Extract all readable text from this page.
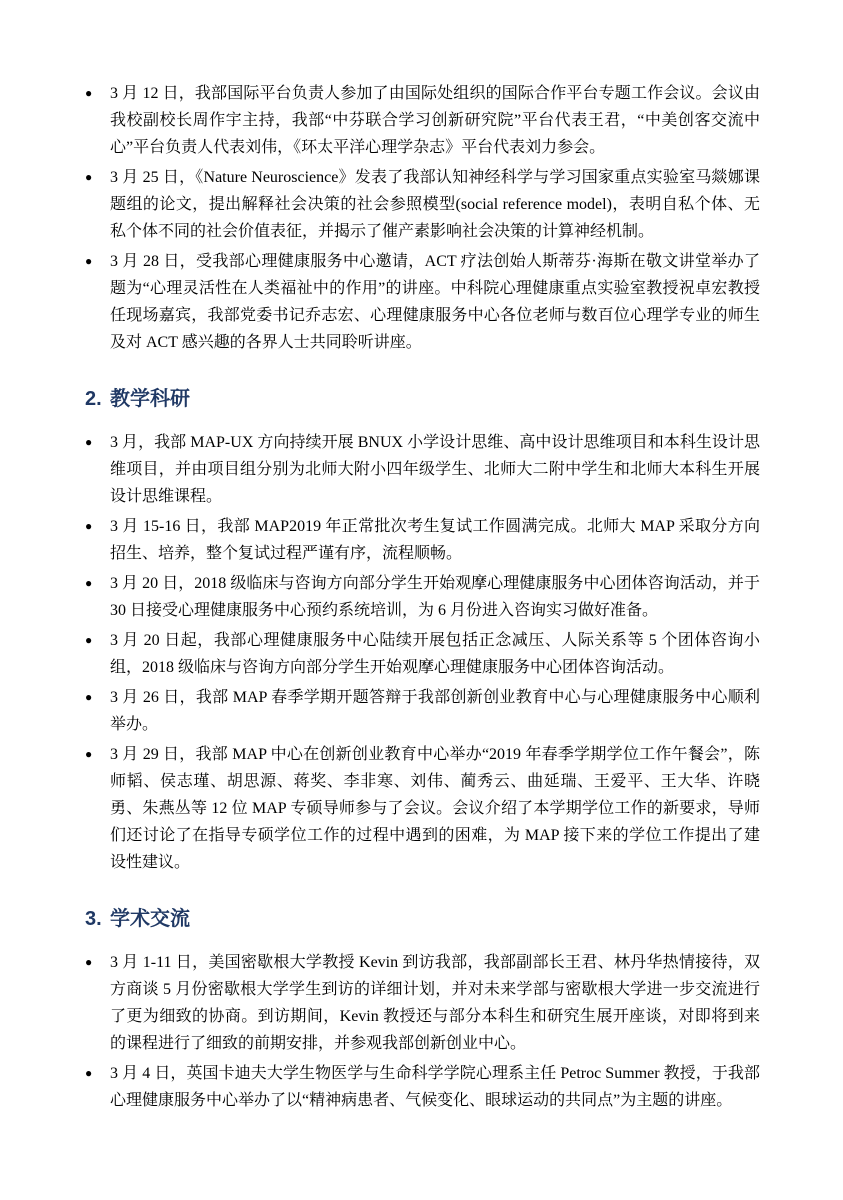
●	3 月 12 日，我部国际平台负责人参加了由国际处组织的国际合作平台专题工作会议。会议由我校副校长周作宇主持，我部“中芬联合学习创新研究院”平台代表王君，“中美创客交流中心”平台负责人代表刘伟，《环太平洋心理学杂志》平台代表刘力参会。
●	3 月 25 日，《Nature Neuroscience》发表了我部认知神经科学与学习国家重点实验室马燚娜课题组的论文，提出解释社会决策的社会参照模型(social reference model)，表明自私个体、无私个体不同的社会价值表征，并揭示了催产素影响社会决策的计算神经机制。
●	3 月 28 日，受我部心理健康服务中心邀请，ACT 疗法创始人斯蒂芬·海斯在敬文讲堂举办了题为“心理灵活性在人类福祉中的作用”的讲座。中科院心理健康重点实验室教授祝卓宏教授任现场嘉宾，我部党委书记乔志宏、心理健康服务中心各位老师与数百位心理学专业的师生及对 ACT 感兴趣的各界人士共同聆听讲座。
2. 教学科研
●	3 月，我部 MAP-UX 方向持续开展 BNUX 小学设计思维、高中设计思维项目和本科生设计思维项目，并由项目组分别为北师大附小四年级学生、北师大二附中学生和北师大本科生开展设计思维课程。
●	3 月 15-16 日，我部 MAP2019 年正常批次考生复试工作圆满完成。北师大 MAP 采取分方向招生、培养，整个复试过程严谨有序，流程顺畅。
●	3 月 20 日，2018 级临床与咨询方向部分学生开始观摩心理健康服务中心团体咨询活动，并于 30 日接受心理健康服务中心预约系统培训，为 6 月份进入咨询实习做好准备。
●	3 月 20 日起，我部心理健康服务中心陆续开展包括正念减压、人际关系等 5 个团体咨询小组，2018 级临床与咨询方向部分学生开始观摩心理健康服务中心团体咨询活动。
●	3 月 26 日，我部 MAP 春季学期开题答辩于我部创新创业教育中心与心理健康服务中心顺利举办。
●	3 月 29 日，我部 MAP 中心在创新创业教育中心举办“2019 年春季学期学位工作午餐会”，陈师韬、侯志瑾、胡思源、蒋奖、李非寒、刘伟、蔺秀云、曲延瑞、王爱平、王大华、许晓勇、朱燕丛等 12 位 MAP 专硕导师参与了会议。会议介绍了本学期学位工作的新要求，导师们还讨论了在指导专硕学位工作的过程中遇到的困难，为 MAP 接下来的学位工作提出了建设性建议。
3. 学术交流
●	3 月 1-11 日，美国密歇根大学教授 Kevin 到访我部，我部副部长王君、林丹华热情接待，双方商谈 5 月份密歇根大学学生到访的详细计划，并对未来学部与密歇根大学进一步交流进行了更为细致的协商。到访期间，Kevin 教授还与部分本科生和研究生展开座谈，对即将到来的课程进行了细致的前期安排，并参观我部创新创业中心。
●	3 月 4 日，英国卡迪夫大学生物医学与生命科学学院心理系主任 Petroc Summer 教授，于我部心理健康服务中心举办了以“精神病患者、气候变化、眼球运动的共同点”为主题的讲座。
